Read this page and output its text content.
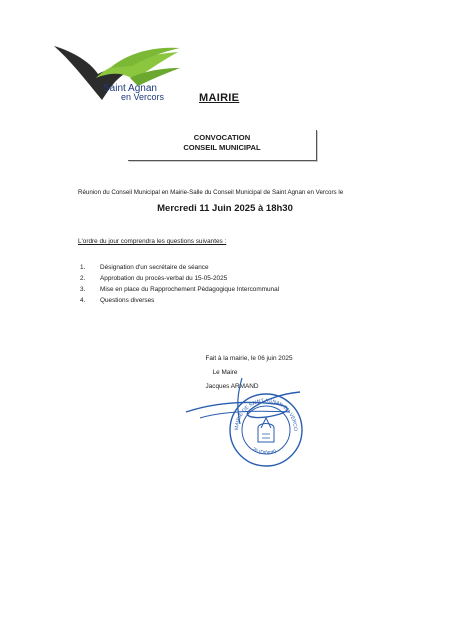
Saint Agnan
en Vercors	MAIRIE
CONVOCATION
CONSEIL MUNICIPAL
Réunion du Conseil Municipal en Mairie-Salle du Conseil Municipal de Saint Agnan en Vercors le
Mercredi 11 Juin 2025 à 18h30
L'ordre du jour comprendra les questions suivantes :
1. Désignation d'un secrétaire de séance
2. Approbation du procès-verbal du 15-05-2025
3. Mise en place du Rapprochement Pédagogique Intercommunal
4. Questions diverses
Fait à la mairie, le 06 juin 2025
Le Maire
Jacques ARMAND
MAIRIE DE SAINT AGNAN-EN-VERCO
26 (Drôme)
